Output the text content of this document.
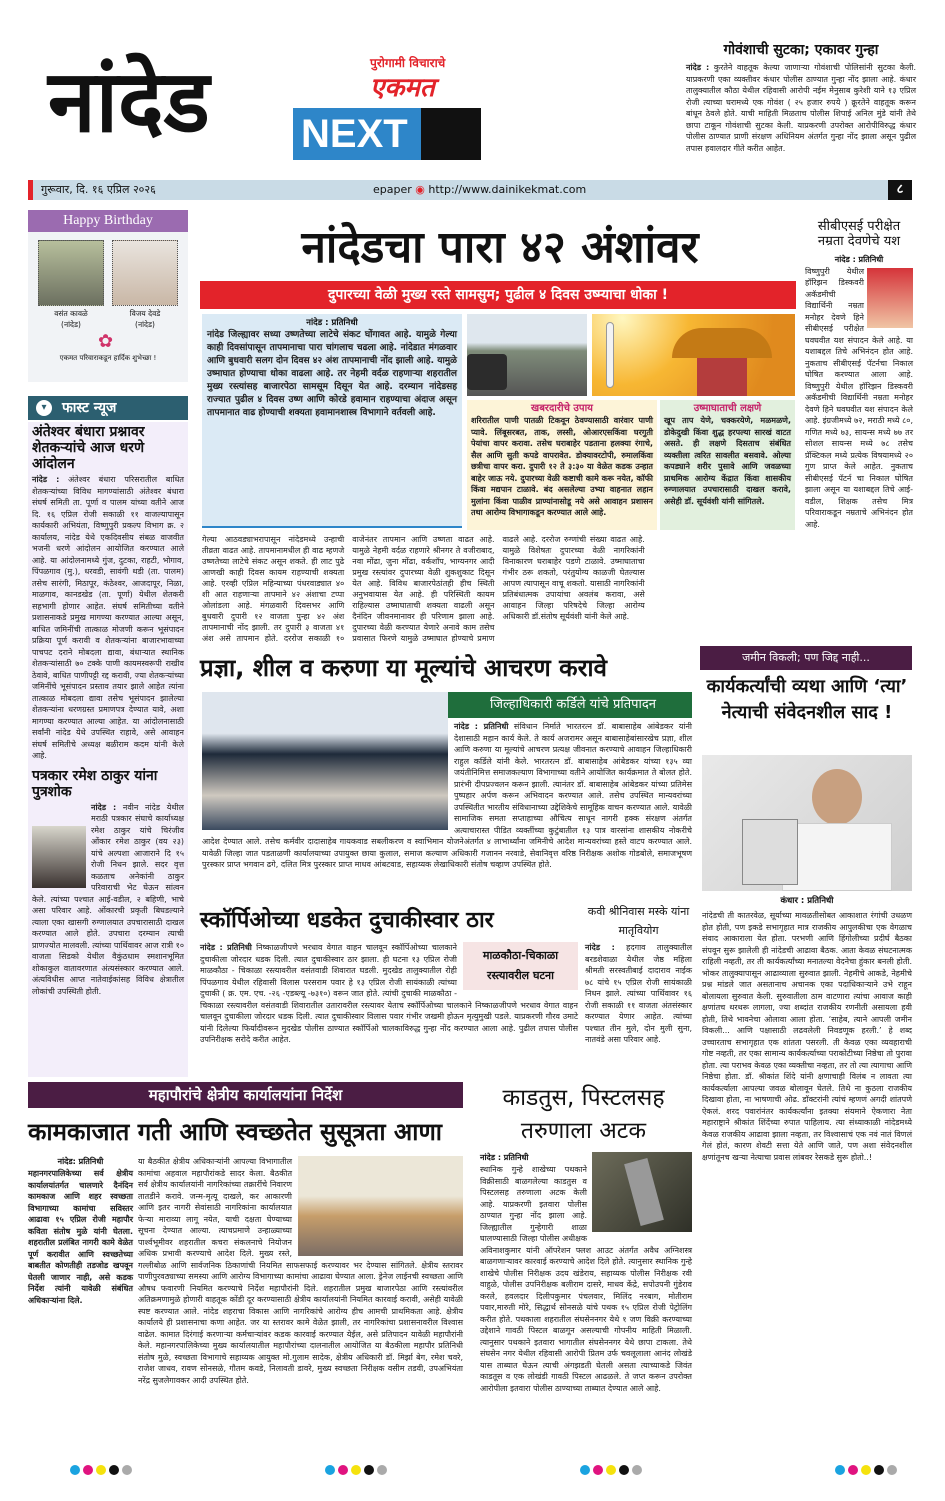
नांदेड	पुरोगामी विचाराचे
एकमत
NEXT
गोवंशाची सुटका; एकावर गुन्हा
नांदेड : कुरतेने वाहतूक केल्या जाणाऱ्या गोवंशाची पोलिसांनी सुटका केली. याप्रकरणी एका व्यक्तीवर कंधार पोलीस ठाण्यात गुन्हा नोंद झाला आहे. कंधार तालुक्यातील कौठा येथील रहिवासी आरोपी नईम मेनुसाब कुरेशी याने १३ एप्रिल रोजी त्याच्या घरामध्ये एक गोवंश ( २५ हजार रुपये ) क्रूरतेने वाहतूक करून बांधून ठेवले होते. याची माहिती मिळताच पोलीस शिपाई अनिल मुंडे यांनी तेथे छापा टाकून गोवंशाची सुटका केली. याप्रकरणी उपरोक्त आरोपीविरुद्ध कंधार पोलीस ठाण्यात प्राणी संरक्षण अधिनियम अंतर्गत गुन्हा नोंद झाला असून पुढील तपास हवालदार गीते करीत आहेत.
गुरूवार, दि. १६ एप्रिल २०२६	epaper ◉ http://www.dainikekmat.com	८
Happy Birthday
वसंत कावळे
(नांदेड)
विजय देवडे
(नांदेड)
✿
एकमत परिवाराकडून हार्दिक शुभेच्छा !
▾	फास्ट न्यूज
अंतेश्वर बंधारा प्रश्नावर शेतकऱ्यांचे आज धरणे आंदोलन
नांदेड : अंतेश्वर बंधारा परिसरातील बाधित शेतकऱ्यांच्या विविध मागण्यांसाठी अंतेश्वर बंधारा संघर्ष समिती ता. पूर्णा व पालम यांच्या वतीने आज दि. १६ एप्रिल रोजी सकाळी ११ वाजल्यापासून कार्यकारी अभियंता, विष्णुपुरी प्रकल्प विभाग क्र. २ कार्यालय, नांदेड येथे एकदिवसीय संबळ वाजवीत भजनी धरणे आंदोलन आयोजित करण्यात आले आहे. या आंदोलनामध्ये गुंज, दुटका, राहटी, भोगाव, पिंपळगाव (मु.), धरवडी, सावंगी थडी (ता. पालम) तसेच सारंगी, मिठापूर, कंठेश्वर, आजदापूर, निळा, माळगाव, कानडखेड (ता. पूर्णा) येथील शेतकरी सहभागी होणार आहेत. संघर्ष समितीच्या वतीने प्रशासनाकडे प्रमुख मागण्या करण्यात आल्या असून, बाधित जमिनींची तात्काळ मोजणी करून भूसंपादन प्रक्रिया पूर्ण करावी व शेतकऱ्यांना बाजारभावाच्या पाचपट दराने मोबदला द्यावा, बंधाऱ्यात स्थानिक शेतकऱ्यांसाठी ७० टक्के पाणी कायमस्वरूपी राखीव ठेवावे, बाधित पाणीपट्टी रद्द करावी, ज्या शेतकऱ्यांच्या जमिनींचे भूसंपादन प्रस्ताव तयार झाले आहेत त्यांना तात्काळ मोबदला द्यावा तसेच भूसंपादन झालेल्या शेतकऱ्यांना धरणग्रस्त प्रमाणपत्र देण्यात यावे, अशा मागण्या करण्यात आल्या आहेत. या आंदोलनासाठी सर्वांनी नांदेड येथे उपस्थित राहावे, असे आवाहन संघर्ष समितीचे अध्यक्ष बळीराम कदम यांनी केले आहे.
पत्रकार रमेश ठाकुर यांना पुत्रशोक
नांदेड : नवीन नांदेड येथील मराठी पत्रकार संघाचे कार्याध्यक्ष रमेश ठाकुर यांचे चिरंजीव ओंकार रमेश ठाकुर (वय २३) यांचे अल्पशा आजाराने दि १५ रोजी निधन झाले. सदर वृत्त कळताच अनेकांनी ठाकुर परिवाराची भेट घेऊन सांत्वन केले. त्यांच्या पश्चात आई-वडील, २ बहिणी, भाचे असा परिवार आहे. ओंकारची प्रकृती बिघडल्याने त्याला एका खासगी रुग्णालयात उपचारासाठी दाखल करण्यात आले होते. उपचारा दरम्यान त्याची प्राणज्योत मालवली. त्यांच्या पार्थिवावर आज रात्री १० वाजता सिडको येथील वैकुंठधाम स्मशानभूमित शोकाकुल वातावरणात अंत्यसंस्कार करण्यात आले. अंत्यविधीस आप्त नातेवाईकांसह विविध क्षेत्रातील लोकांची उपस्थिती होती.
नांदेडचा पारा ४२ अंशांवर
दुपारच्या वेळी मुख्य रस्ते सामसुम; पुढील ४ दिवस उष्म्याचा धोका !
नांदेड : प्रतिनिधी
नांदेड जिल्ह्यावर सध्या उष्णतेच्या लाटेचे संकट घोंगावत आहे. यामुळे गेल्या काही दिवसांपासून तापमानाचा पारा चांगलाच चढला आहे. नांदेडात मंगळवार आणि बुधवारी सलग दोन दिवस ४२ अंश तापमानाची नोंद झाली आहे. यामुळे उष्माघात होण्याचा धोका वाढला आहे. तर नेहमी वर्दळ राहणाऱ्या शहरातील मुख्य रस्त्यांसह बाजारपेठा सामसूम दिसून येत आहे. दरम्यान नांदेडसह राज्यात पुढील ४ दिवस उष्ण आणि कोरडे हवामान राहण्याचा अंदाज असून तापमानात वाढ होण्याची शक्यता हवामानशास्त्र विभागाने वर्तवली आहे.	खबरदारीचे उपाय
शरिरातील पाणी पातळी टिकवून ठेवण्यासाठी वारंवार पाणी प्यावे. लिंबूसरबत, ताक, लस्सी, ओआरएसकिंवा घरगुती पेयांचा वापर करावा. तसेच घराबाहेर पडताना हलक्या रंगाचे, सैल आणि सुती कपडे वापरावेत. डोक्यावरटोपी, रुमालकिंवा छत्रीचा वापर करा. दुपारी १२ ते ३:३० या वेळेत कडक उन्हात बाहेर जाऊ नये. दुपारच्या वेळी कष्टाची कामे करू नयेत, कॉफी किंवा मद्यपान टाळावे. बंद असलेल्या उभ्या वाहनात लहान मुलांना किंवा पाळीव प्राण्यांनासोडू नये असे आवाहन प्रशासन तथा आरोग्य विभागाकडून करण्यात आले आहे.
उष्माघाताची लक्षणे
खूप ताप येणे, चक्करयेणे, मळमळणे, डोकेदुखी किंवा शुद्ध हरपल्या सारखं वाटत असते. ही लक्षणे दिसताच संबंधित व्यक्तीला त्वरित सावलीत बसवावे. ओल्या कपड्याने शरीर पुसावे आणि जवळच्या प्राथमिक आरोग्य केंद्रात किंवा शासकीय रुग्णालयात उपचारासाठी दाखल करावे, असेही डॉ. सूर्यवंशी यांनी सांगितले.
गेल्या आठवड्याभरापासून नांदेडमध्ये उन्हाची तीव्रता वाढत आहे. तापमानामधील ही वाढ म्हणजे उष्णतेच्या लाटेचे संकट असून शकते. ही लाट पुढे आणखी काही दिवस कायम राहण्याची शक्यता आहे. एरव्ही एप्रिल महिन्याच्या पंधरवाड्यात ४० शी आत राहणाऱ्या तापमाने ४२ अंशाचा टप्पा ओलांडला आहे. मंगळवारी दिवसभर आणि बुधवारी दुपारी १२ वाजता पुन्हा ४२ अंश तापमानाची नोंद झाली. तर दुपारी ३ वाजता ४१ अंश असे तापमान होते. दररोज सकाळी १० वाजेनंतर तापमान आणि उष्णता वाढत आहे. यामुळे नेहमी वर्दळ राहणारे श्रीनगर ते वजीराबाद, नवा मोंढा, जुना मोंढा, वर्कशॉप, भाग्यनगर आदी प्रमुख रस्त्यांवर दुपारच्या वेळी शुकशुकाट दिसून येत आहे. विविध बाजारपेठांतही हीच स्थिती अनुभवायास येत आहे. ही परिस्थिती कायम राहिल्यास उष्माघाताची शक्यता वाढली असून दैनंदिन जीवनमानावर ही परिणाम झाला आहे. दुपारच्या वेळी करण्यात येणारे अनावे काम तसेच प्रवासात फिरणे यामुळे उष्माघात होण्याचे प्रमाण वाढले आहे. दररोज रुग्णांची संख्या वाढत आहे. यामुळे विशेषतः दुपारच्या वेळी नागरिकांनी विनाकारण घराबाहेर पडणे टाळावे. उष्माघाताचा गंभीर ठरू शकतो, परंतुयोग्य काळजी घेतल्यास आपण त्यापासून वाचू शकतो. यासाठी नागरिकांनी प्रतिबंधात्मक उपायांचा अवलंब करावा, असे आवाहन जिल्हा परिषदेचे जिल्हा आरोग्य अधिकारी डॉ.संतोष सूर्यवंशी यांनी केले आहे.
सीबीएसई परीक्षेत नम्रता देवणेचे यश
नांदेड : प्रतिनिधी
विष्णुपुरी येथील हॉरिझन डिस्कवरी अकॅडमीची विद्यार्थिनी नम्रता मनोहर देवणे हिने सीबीएसई परीक्षेत घवघवीत यश संपादन केले आहे. या यशाबद्दल तिचे अभिनंदन होत आहे. नुकताच सीबीएसई पॅटर्नचा निकाल घोषित करण्यात आला आहे. विष्णुपुरी येथील हॉरिझन डिस्कवरी अकॅडमीची विद्यार्थिनी नम्रता मनोहर देवणे हिने घवघवीत यश संपादन केले आहे. इंग्रजीमध्ये ७२, मराठी मध्ये ८०, गणित मध्ये ७३, सायन्स मध्ये ७७ तर सोशल सायन्स मध्ये ७८ तसेच प्रॅक्टिकल मध्ये प्रत्येक विषयामध्ये २० गुण प्राप्त केले आहेत. नुकताच सीबीएसई पॅटर्न चा निकाल घोषित झाला असून या यशाबद्दल तिचे आई-वडील, शिक्षक तसेच मित्र परिवाराकडून नम्रताचे अभिनंदन होत आहे.
प्रज्ञा, शील व करुणा या मूल्यांचे आचरण करावे
जिल्हाधिकारी कर्डिले यांचे प्रतिपादन
नांदेड : प्रतिनिधी संविधान निर्माते भारतरत्न डॉ. बाबासाहेब आंबेडकर यांनी देशासाठी महान कार्य केले. ते कार्य अजरामर असून बाबासाहेबांसारखेच प्रज्ञा, शील आणि करुणा या मूल्यांचे आचरण प्रत्यक्ष जीवनात करण्याचे आवाहन जिल्हाधिकारी राहुल कर्डिले यांनी केले. भारतरत्न डॉ. बाबासाहेब आंबेडकर यांच्या १३५ व्या जयंतीनिमित्त समाजकल्याण विभागाच्या वतीने आयोजित कार्यक्रमात ते बोलत होते. प्रारंभी दीपप्रज्वलन करून झाली. त्यानंतर डॉ. बाबासाहेब आंबेडकर यांच्या प्रतिमेस पुष्पहार अर्पण करून अभिवादन करण्यात आले. तसेच उपस्थित मान्यवरांच्या उपस्थितीत भारतीय संविधानाच्या उद्देशिकेचे सामूहिक वाचन करण्यात आले. यावेळी सामाजिक समता सप्ताहाच्या औचित्य साधून नागरी हक्क संरक्षण अंतर्गत अत्याचारास्त पीडित व्यक्तींच्या कुटुंबातील १३ पात्र वारसांना शासकीय नोकरीचे आदेश देण्यात आले. तसेच कर्मवीर दादासाहेब गायकवाड सबलीकरण व स्वाभिमान योजनेअंतर्गत ४ लाभार्थ्यांना जमिनीचे आदेश मान्यवरांच्या हस्ते वाटप करण्यात आले. यावेळी जिल्हा जात पडताळणी कार्यालयाच्या उपायुक्त छाया कुलाल, समाज कल्याण अधिकारी गजानन नरवाडे, सेवानिवृत्त वरिष्ठ निरीक्षक अशोक गोडबोले, समाजभूषण पुरस्कार प्राप्त भगवान ढगे, दलित मित्र पुरस्कार प्राप्त माधव आंबटवाड, सहाय्यक लेखाधिकारी संतोष चव्हाण उपस्थित होते.
जमीन विकली; पण जिद्द नाही...
कार्यकर्त्यांची व्यथा आणि ‘त्या’ नेत्याची संवेदनशील साद !
कंधार : प्रतिनिधी
नांदेडची ती कातरवेळ, सूर्याच्या मावळतीसोबत आकाशात रंगांची उधळण होत होती, पण इकडे सभागृहात मात्र राजकीय आपुलकीचा एक वेगळाच संवाद आकाराला येत होता. परभणी आणि हिंगोलीच्या प्रदीर्घ बैठका संपवून सुरू झालेली ही नांदेडची आढावा बैठक. आता केवळ संघटनात्मक राहिली नव्हती, तर ती कार्यकर्त्यांच्या मनातल्या वेदनेचा हुंकार बनली होती. भोकर तालुक्यापासून आढाव्याला सुरुवात झाली. नेहमीचे आकडे, नेहमीचे प्रश्न मांडले जात असतानाच अचानक एका पदाधिकाऱ्याने उभे राहून बोलायला सुरुवात केली. सुरुवातीला ठाम वाटणारा त्यांचा आवाज काही क्षणांतच थरथरू लागला, ज्या शब्दांत राजकीय रणनीती असायला हवी होती, तिथे भावनेचा ओलावा आला होता. ‘साहेब, त्याने आपली जमीन विकली... आणि पक्षासाठी लढवलेली निवडणूक हरली.’ हे शब्द उच्चारताच सभागृहात एक शांतता पसरली. ती केवळ एका व्यवहाराची गोष्ट नव्हती, तर एका सामान्य कार्यकर्त्याच्या पराकोटीच्या निष्ठेचा तो पुरावा होता. त्या पराभव केवळ एका व्यक्तीचा नव्हता, तर तो त्या त्यागाचा आणि निष्ठेचा होता. डॉ. श्रीकांत शिंदे यांनी क्षणाचाही विलंब न लावता त्या कार्यकर्त्याला आपल्या जवळ बोलावून घेतले. तिथे ना कुठला राजकीय दिखावा होता, ना भाषणाची ओढ. डॉक्टरांनी त्यांचं म्हणणं अगदी शांतपणे ऐकलं. शरद पवारांनंतर कार्यकर्त्यांना इतक्या संयमाने ऐकणारा नेता महाराष्ट्राने श्रीकांत शिंदेंच्या रुपात पाहिलाय. त्या संध्याकाळी नांदेडमध्ये केवळ राजकीय आढावा झाला नव्हता, तर विश्वासाचं एक नवं नातं विणलं गेलं होतं, कारण शेवटी सत्ता येते आणि जाते, पण अशा संवेदनशील क्षणांतूनच खऱ्या नेत्याचा प्रवास लांबवर रेसकडे सुरू होतो..!
स्कॉर्पिओच्या धडकेत दुचाकीस्वार ठार
माळकौठा-चिकाळा रस्त्यावरील घटना
नांदेड : प्रतिनिधी निष्काळजीपणे भरधाव वेगात वाहन चालवून स्कॉर्पिओच्या चालकाने दुचाकीला जोरदार धडक दिली. त्यात दुचाकीस्वार ठार झाला. ही घटना १३ एप्रिल रोजी माळकौठा - चिकाळा रस्त्यावरील वसंतवाडी शिवारात घडली. मुदखेड तालुक्यातील रोही पिंपळगाव येथील रहिवासी विलास परसराम पवार हे १३ एप्रिल रोजी सायंकाळी त्यांच्या दुचाकी ( क्र. एम. एच. -२६ -एडब्ल्यू -७३१०) वरून जात होते. त्यांची दुचाकी माळकौठा - चिकाळा रस्त्यावरील वसंतवाडी शिवारातील उतारावरील रस्त्यावर येताच स्कॉर्पिओच्या चालकाने निष्काळजीपणे भरधाव वेगात वाहन चालवून दुचाकीला जोरदार धडक दिली. त्यात दुचाकीस्वार विलास पवार गंभीर जखमी होऊन मृत्युमुखी पडले. याप्रकरणी गौरव उमाटे यांनी दिलेल्या फिर्यादीवरून मुदखेड पोलीस ठाण्यात स्कॉर्पिओ चालकाविरुद्ध गुन्हा नोंद करण्यात आला आहे. पुढील तपास पोलीस उपनिरीक्षक सरोदे करीत आहेत.
कवी श्रीनिवास मस्के यांना मातृवियोग
नांदेड : हदगाव तालुक्यातील बरडशेवाळा येथील जेष्ठ महिला श्रीमती सरस्वतीबाई दादाराव नाईक ७८ यांचे १५ एप्रिल रोजी सायंकाळी निधन झाले. त्यांच्या पार्थिवावर १६ रोजी सकाळी ११ वाजता अंतसंस्कार करण्यात येणार आहेत. त्यांच्या पश्चात तीन मुले, दोन मुली सुना, नातवंडे असा परिवार आहे.
महापौरांचे क्षेत्रीय कार्यालयांना निर्देश
कामकाजात गती आणि स्वच्छतेत सुसूत्रता आणा
नांदेड: प्रतिनिधी
महानगरपालिकेच्या सर्व क्षेत्रीय कार्यालयांतर्गत चालणारे दैनंदिन कामकाज आणि शहर स्वच्छता विभागाच्या कामांचा सविस्तर आढावा १५ एप्रिल रोजी महापौर कविता संतोष मुळे यांनी घेतला. शहरातील प्रलंबित नागरी कामे वेळेत पूर्ण करावीत आणि स्वच्छतेच्या बाबतीत कोणतीही तडजोड खपवून घेतली जाणार नाही, असे कडक निर्देश त्यांनी यावेळी संबंधित अधिकाऱ्यांना दिले.
या बैठकीत क्षेत्रीय अधिकाऱ्यांनी आपल्या विभागातील कामांचा अहवाल महापौरांकडे सादर केला. बैठकीत सर्व क्षेत्रीय कार्यालयांनी नागरिकांच्या तक्रारींचे निवारण तातडीने करावे. जन्म-मृत्यू दाखले, कर आकारणी आणि इतर नागरी सेवांसाठी नागरिकांना कार्यालयात फेऱ्या माराव्या लागू नयेत, याची दक्षता घेण्याच्या सूचना देण्यात आल्या. त्याचप्रमाणे उन्हाळ्याच्या पार्श्वभूमीवर शहरातील कचरा संकलनाचे नियोजन अधिक प्रभावी करण्याचे आदेश दिले. मुख्य रस्ते, गल्लीबोळ आणि सार्वजनिक ठिकाणांची नियमित साफसफाई करण्यावर भर देण्यास सांगितले. क्षेत्रीय स्तरावर पाणीपुरवठ्याच्या समस्या आणि आरोग्य विभागाच्या कामांचा आढावा घेण्यात आला. ड्रेनेज लाईनची स्वच्छता आणि औषध फवारणी नियमित करण्याचे निर्देश महापौरांनी दिले. शहरातील प्रमुख बाजारपेठा आणि रस्त्यांवरील अतिक्रमणामुळे होणारी वाहतूक कोंडी दूर करण्यासाठी क्षेत्रीय कार्यालयांनी नियमित कारवाई करावी, असेही यावेळी स्पष्ट करण्यात आले. नांदेड शहराचा विकास आणि नागरिकांचे आरोग्य हीच आमची प्राथमिकता आहे. क्षेत्रीय कार्यालये ही प्रशासनाचा कणा आहेत. जर या स्तरावर कामे वेळेत झाली, तर नागरिकांचा प्रशासनावरील विश्वास वाढेल. कामात दिरंगाई करणाऱ्या कर्मचाऱ्यांवर कडक कारवाई करण्यात येईल, असे प्रतिपादन यावेळी महापौरांनी केले. महानगरपालिकेच्या मुख्य कार्यालयातील महापौरांच्या दालनातील आयोजित या बैठकीला महापौर प्रतिनिधी संतोष मुळे, स्वच्छता विभागाचे सहाय्यक आयुक्त मो.गुलाम सादेक, क्षेत्रीय अधिकारी डॉ. मिर्झा बेग, रमेश चवरे, राजेश जाधव, रावण सोनसळे, गौतम कवडे, निलावती डावरे, मुख्य स्वच्छता निरीक्षक वसीम तडवी, उपअभियंता नरेंद्र सुजलेगावकर आदी उपस्थित होते.
काडतुस, पिस्टलसह
तरुणाला अटक
नांदेड : प्रतिनिधी
स्थानिक गुन्हे शाखेच्या पथकाने विक्रीसाठी बाळगलेल्या काडतुस व पिस्टलसह तरुणाला अटक केली आहे. याप्रकरणी इतवारा पोलीस ठाण्यात गुन्हा नोंद झाला आहे. जिल्ह्यातील गुन्हेगारी शाळा घालण्यासाठी जिल्हा पोलीस अधीक्षक अविनाशकुमार यांनी ऑपरेशन फ्लश आउट अंतर्गत अवैध अग्निशस्त्र बाळगणाऱ्यावर कारवाई करण्याचे आदेश दिले होते. त्यानुसार स्थानिक गुन्हे शाखेचे पोलीस निरीक्षक उदय खंडेराय, सहाय्यक पोलीस निरीक्षक रवी वाहुळे, पोलीस उपनिरीक्षक बलीराम दासरे, माधव केंद्रे, सपोउपनी गुंडेराव करले, हवलदार दिलीपकुमार पंचलवार, मिलिंद नरबाग, मोतीराम पवार,मारुती मोरे, सिद्धार्थ सोनसळे यांचे पथक १५ एप्रिल रोजी पेट्रोलिंग करीत होते. पथकाला शहरातील संघसेननगर येथे १ जण विक्री करण्याच्या उद्देशाने गावठी पिस्टल बाळगून असल्याची गोपनीय माहिती मिळाली. त्यानुसार पथकाने इतवारा भागातील संघसेननगर येथे छापा टाकला. तेथे संघसेन नगर येथील रहिवासी आरोपी प्रितम उर्फ चवलूलाला आनंद लोखंडे यास ताब्यात घेऊन त्याची अंगझडती घेतली असता त्याच्याकडे जिवंत काडतूस व एक लोखंडी गावठी पिस्टल आढळले. ते जप्त करून उपरोक्त आरोपीला इतवारा पोलीस ठाण्याच्या ताब्यात देण्यात आले आहे.
